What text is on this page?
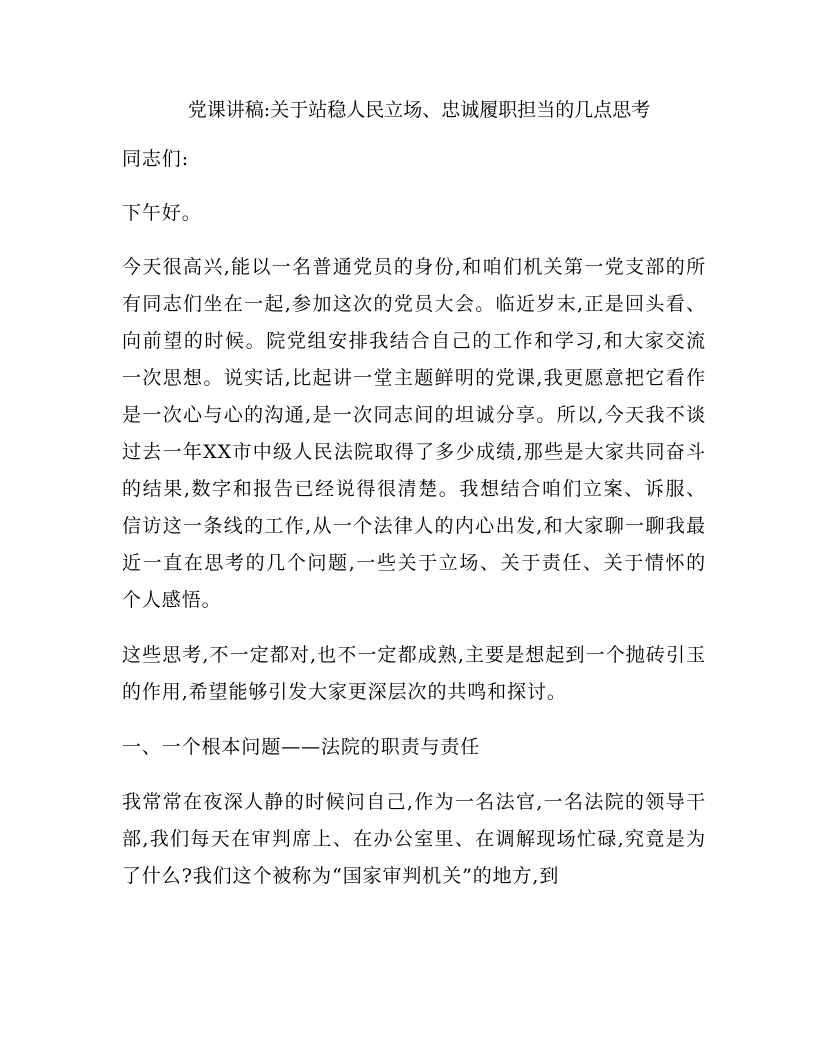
党课讲稿:关于站稳人民立场、忠诚履职担当的几点思考

同志们:

下午好。

今天很高兴,能以一名普通党员的身份,和咱们机关第一党支部的所有同志们坐在一起,参加这次的党员大会。临近岁末,正是回头看、向前望的时候。院党组安排我结合自己的工作和学习,和大家交流一次思想。说实话,比起讲一堂主题鲜明的党课,我更愿意把它看作是一次心与心的沟通,是一次同志间的坦诚分享。所以,今天我不谈过去一年XX市中级人民法院取得了多少成绩,那些是大家共同奋斗的结果,数字和报告已经说得很清楚。我想结合咱们立案、诉服、信访这一条线的工作,从一个法律人的内心出发,和大家聊一聊我最近一直在思考的几个问题,一些关于立场、关于责任、关于情怀的个人感悟。

这些思考,不一定都对,也不一定都成熟,主要是想起到一个抛砖引玉的作用,希望能够引发大家更深层次的共鸣和探讨。

一、一个根本问题——法院的职责与责任

我常常在夜深人静的时候问自己,作为一名法官,一名法院的领导干部,我们每天在审判席上、在办公室里、在调解现场忙碌,究竟是为了什么?我们这个被称为“国家审判机关”的地方,到
